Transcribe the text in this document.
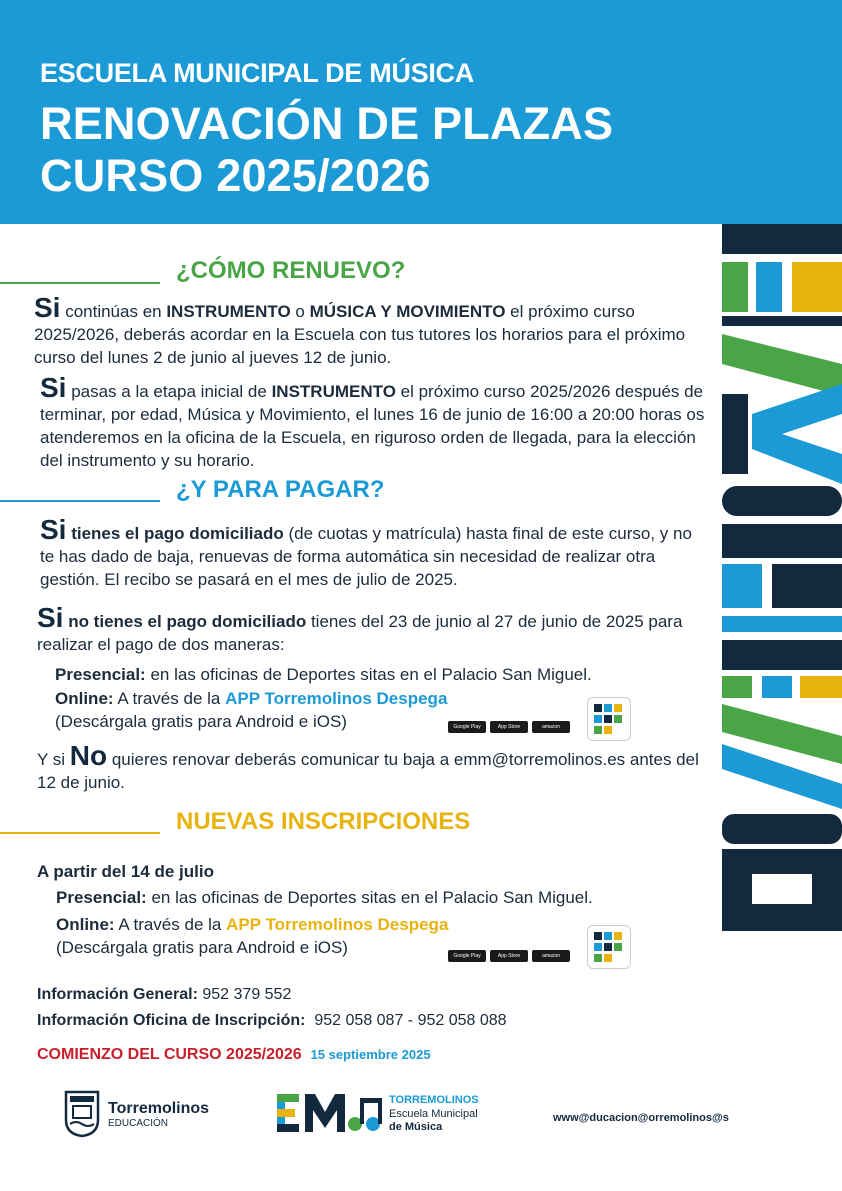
ESCUELA MUNICIPAL DE MÚSICA
RENOVACIÓN DE PLAZAS
CURSO 2025/2026
¿CÓMO RENUEVO?
Si continúas en INSTRUMENTO o MÚSICA Y MOVIMIENTO el próximo curso 2025/2026, deberás acordar en la Escuela con tus tutores los horarios para el próximo curso del lunes 2 de junio al jueves 12 de junio.
Si pasas a la etapa inicial de INSTRUMENTO el próximo curso 2025/2026 después de terminar, por edad, Música y Movimiento, el lunes 16 de junio de 16:00 a 20:00 horas os atenderemos en la oficina de la Escuela, en riguroso orden de llegada, para la elección del instrumento y su horario.
¿Y PARA PAGAR?
Si tienes el pago domiciliado (de cuotas y matrícula) hasta final de este curso, y no te has dado de baja, renuevas de forma automática sin necesidad de realizar otra gestión. El recibo se pasará en el mes de julio de 2025.
Si no tienes el pago domiciliado tienes del 23 de junio al 27 de junio de 2025 para realizar el pago de dos maneras:
Presencial: en las oficinas de Deportes sitas en el Palacio San Miguel.
Online: A través de la APP Torremolinos Despega
(Descárgala gratis para Android e iOS)	Google Play	App Store	amazon appstore
Y si No quieres renovar deberás comunicar tu baja a emm@torremolinos.es antes del 12 de junio.
NUEVAS INSCRIPCIONES
A partir del 14 de julio
Presencial: en las oficinas de Deportes sitas en el Palacio San Miguel.
Online: A través de la APP Torremolinos Despega
(Descárgala gratis para Android e iOS)	Google Play	App Store	amazon appstore
Información General: 952 379 552
Información Oficina de Inscripción: 952 058 087 - 952 058 088
COMIENZO DEL CURSO 2025/2026 15 septiembre 2025
Torremolinos
EDUCACIÓN
TORREMOLINOS
Escuela Municipal
de Música
www@ducacion@orremolinos@s
